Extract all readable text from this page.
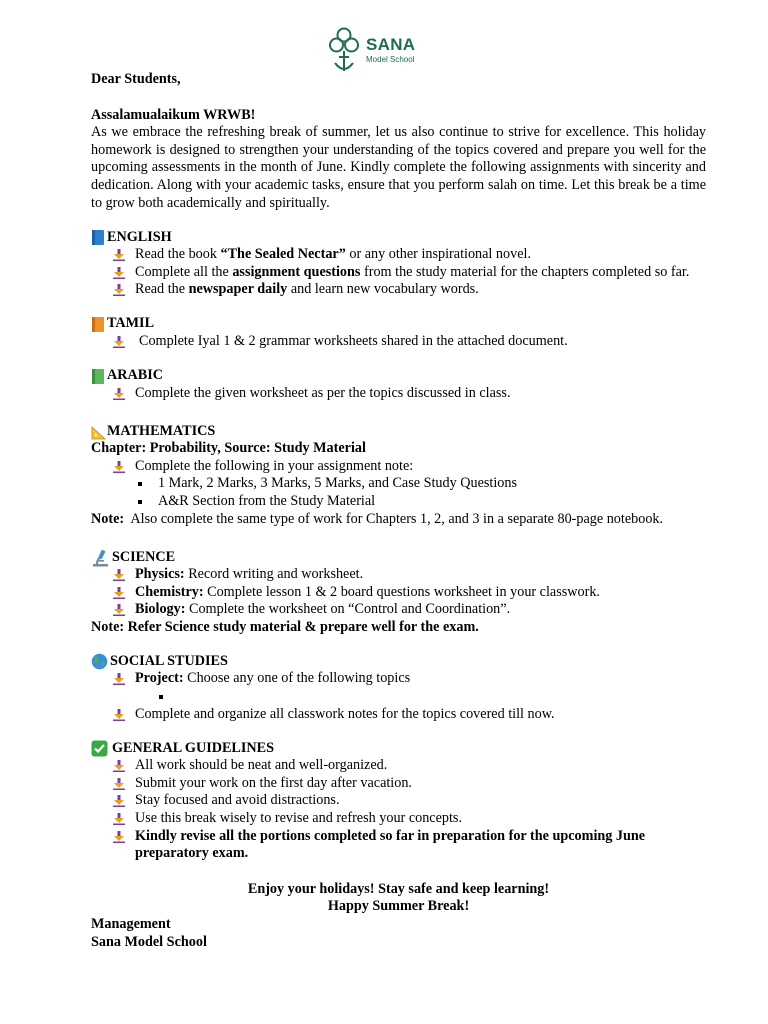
SANA
Model School

Dear Students,

Assalamualaikum WRWB!

As we embrace the refreshing break of summer, let us also continue to strive for excellence. This holiday homework is designed to strengthen your understanding of the topics covered and prepare you well for the upcoming assessments in the month of June. Kindly complete the following assignments with sincerity and dedication. Along with your academic tasks, ensure that you perform salah on time. Let this break be a time to grow both academically and spiritually.

ENGLISH
Read the book “The Sealed Nectar” or any other inspirational novel.
Complete all the assignment questions from the study material for the chapters completed so far.
Read the newspaper daily and learn new vocabulary words.
TAMIL
Complete Iyal 1 & 2 grammar worksheets shared in the attached document.
ARABIC
Complete the given worksheet as per the topics discussed in class.
MATHEMATICS

Chapter: Probability, Source: Study Material

Complete the following in your assignment note:
1 Mark, 2 Marks, 3 Marks, 5 Marks, and Case Study Questions
A&R Section from the Study Material

Note:  Also complete the same type of work for Chapters 1, 2, and 3 in a separate 80-page notebook.

SCIENCE
Physics: Record writing and worksheet.
Chemistry: Complete lesson 1 & 2 board questions worksheet in your classwork.
Biology: Complete the worksheet on “Control and Coordination”.

Note: Refer Science study material & prepare well for the exam.

SOCIAL STUDIES
Project: Choose any one of the following topics
Complete and organize all classwork notes for the topics covered till now.
GENERAL GUIDELINES
All work should be neat and well-organized.
Submit your work on the first day after vacation.
Stay focused and avoid distractions.
Use this break wisely to revise and refresh your concepts.
Kindly revise all the portions completed so far in preparation for the upcoming June preparatory exam.

Enjoy your holidays! Stay safe and keep learning!

Happy Summer Break!

Management

Sana Model School
